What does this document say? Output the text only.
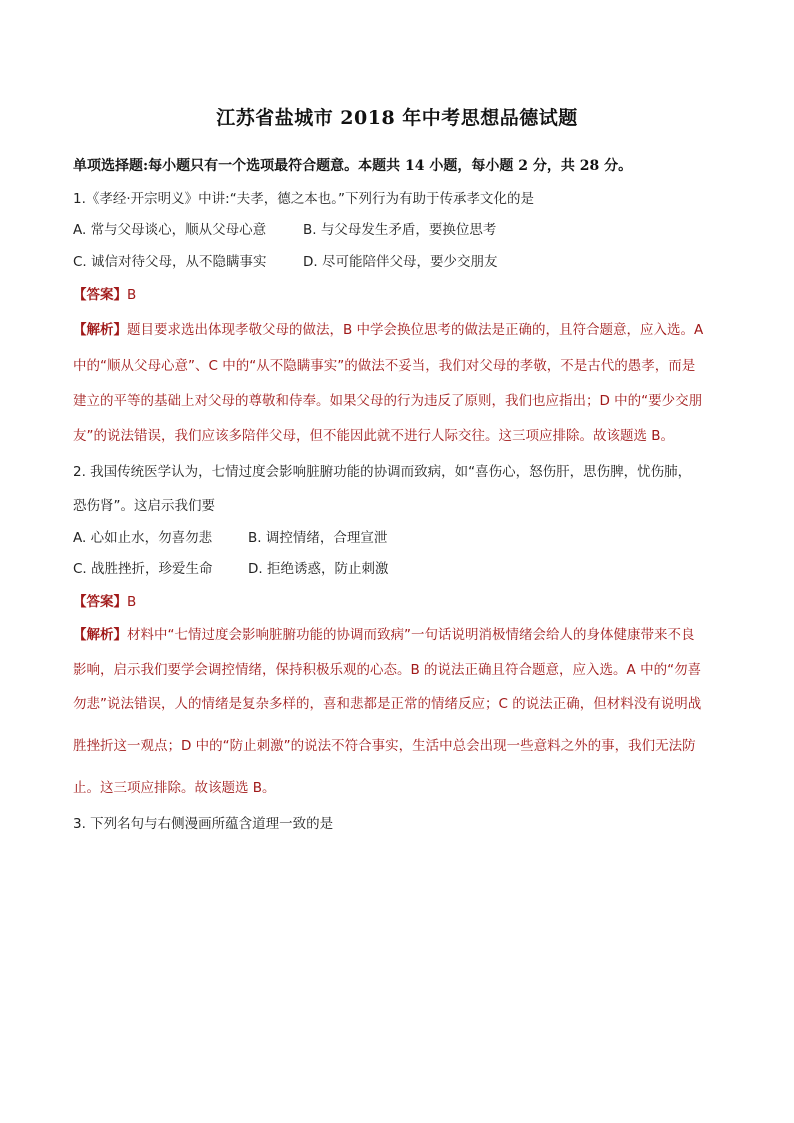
江苏省盐城市 2018 年中考思想品德试题
单项选择题:每小题只有一个选项最符合题意。本题共 14 小题，每小题 2 分，共 28 分。
1.《孝经·开宗明义》中讲:“夫孝，德之本也。”下列行为有助于传承孝文化的是
A. 常与父母谈心，顺从父母心意	B. 与父母发生矛盾，要换位思考
C. 诚信对待父母，从不隐瞒事实	D. 尽可能陪伴父母，要少交朋友
【答案】B
【解析】题目要求选出体现孝敬父母的做法，B 中学会换位思考的做法是正确的，且符合题意，应入选。A
中的“顺从父母心意”、C 中的“从不隐瞒事实”的做法不妥当，我们对父母的孝敬，不是古代的愚孝，而是
建立的平等的基础上对父母的尊敬和侍奉。如果父母的行为违反了原则，我们也应指出；D 中的“要少交朋
友”的说法错误，我们应该多陪伴父母，但不能因此就不进行人际交往。这三项应排除。故该题选 B。
2. 我国传统医学认为，七情过度会影响脏腑功能的协调而致病，如“喜伤心，怒伤肝，思伤脾，忧伤肺，
恐伤肾”。这启示我们要
A. 心如止水，勿喜勿悲	B. 调控情绪，合理宣泄
C. 战胜挫折，珍爱生命	D. 拒绝诱惑，防止刺激
【答案】B
【解析】材料中“七情过度会影响脏腑功能的协调而致病”一句话说明消极情绪会给人的身体健康带来不良
影响，启示我们要学会调控情绪，保持积极乐观的心态。B 的说法正确且符合题意，应入选。A 中的“勿喜
勿悲”说法错误，人的情绪是复杂多样的，喜和悲都是正常的情绪反应；C 的说法正确，但材料没有说明战
胜挫折这一观点；D 中的“防止刺激”的说法不符合事实，生活中总会出现一些意料之外的事，我们无法防
止。这三项应排除。故该题选 B。
3. 下列名句与右侧漫画所蕴含道理一致的是
